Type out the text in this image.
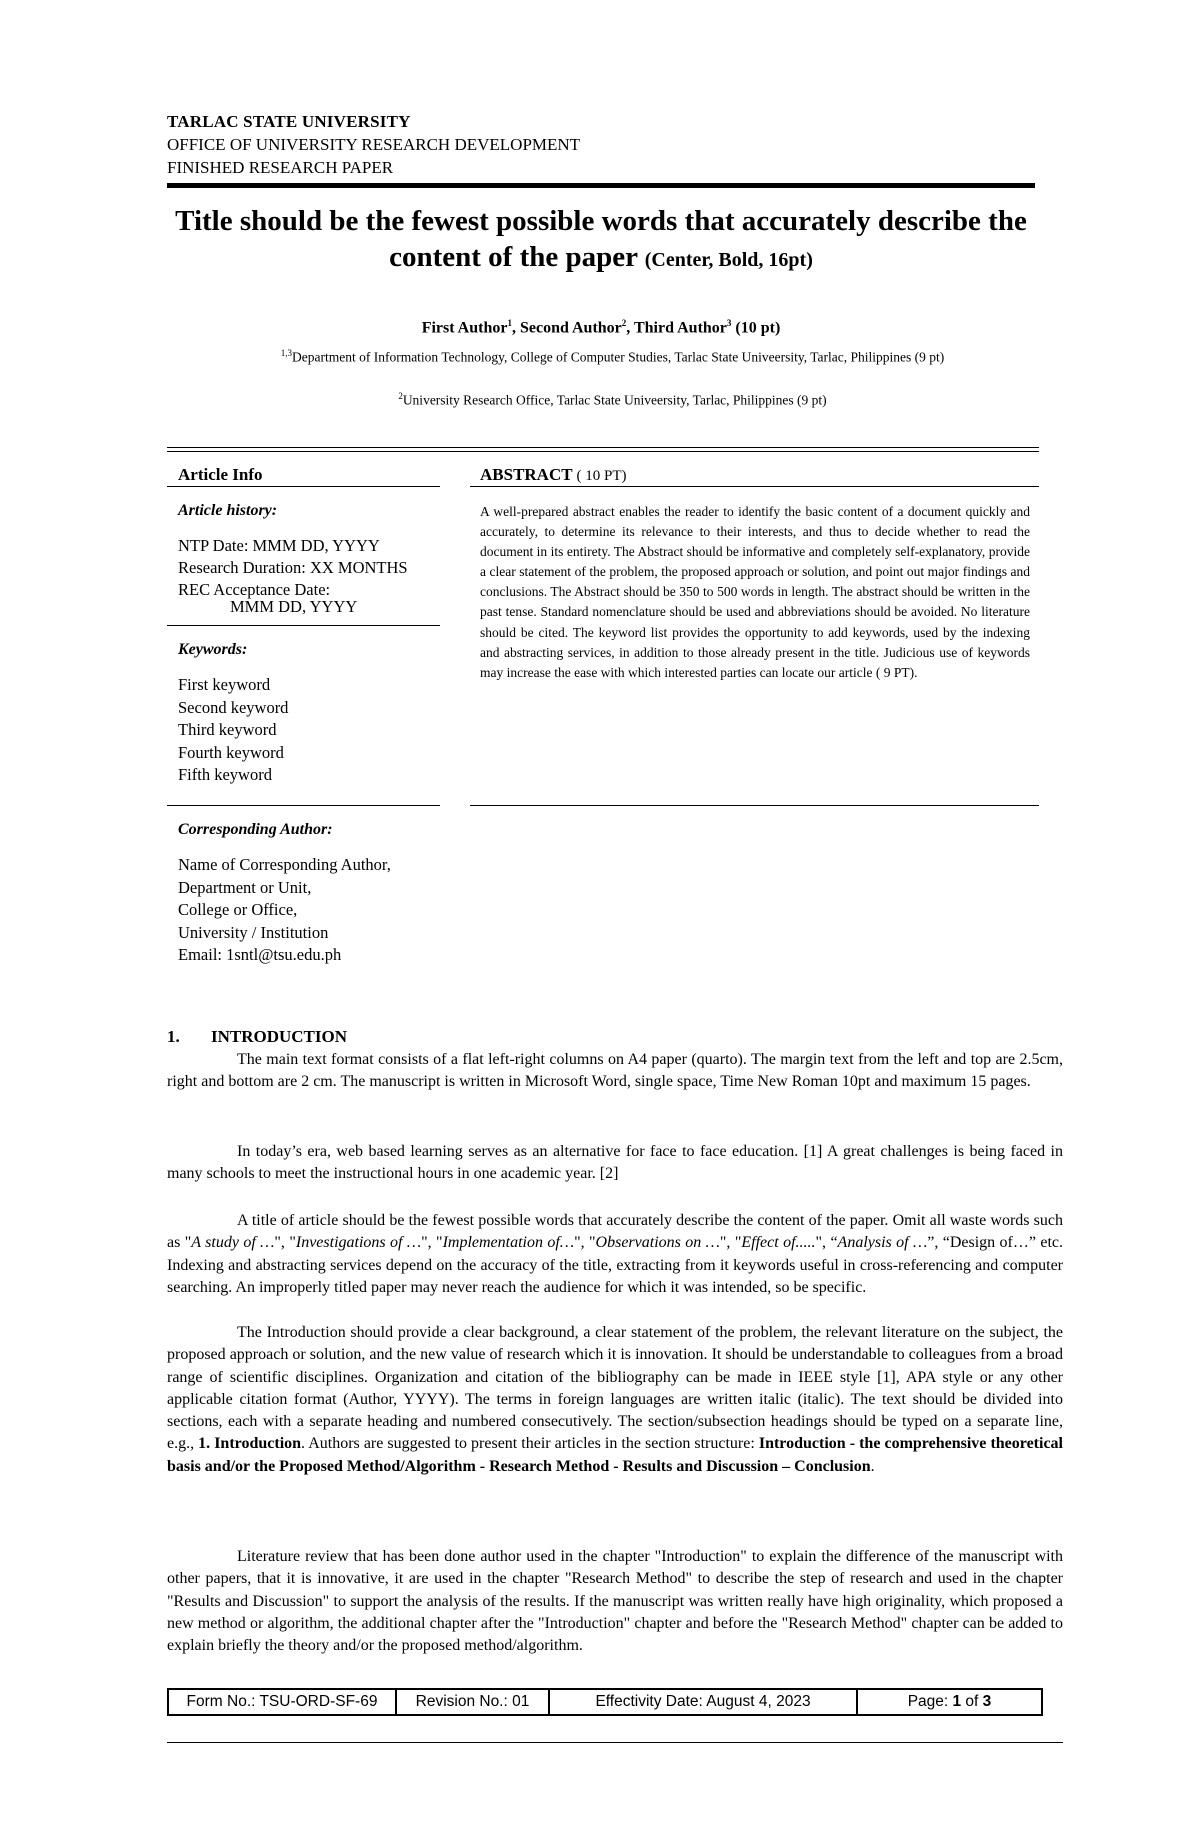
TARLAC STATE UNIVERSITY
OFFICE OF UNIVERSITY RESEARCH DEVELOPMENT
FINISHED RESEARCH PAPER
Title should be the fewest possible words that accurately describe the content of the paper (Center, Bold, 16pt)
First Author$^1$, Second Author$^2$, Third Author$^3$ (10 pt)
$^{1,3}$Department of Information Technology, College of Computer Studies, Tarlac State Univeersity, Tarlac, Philippines (9 pt)
$^2$University Research Office, Tarlac State Univeersity, Tarlac, Philippines (9 pt)
Article Info
Article history:
NTP Date: MMM DD, YYYY
Research Duration: XX MONTHS
REC Acceptance Date:
MMM DD, YYYY
Keywords:
First keyword
Second keyword
Third keyword
Fourth keyword
Fifth keyword
Corresponding Author:
Name of Corresponding Author,
Department or Unit,
College or Office,
University / Institution
Email: 1sntl@tsu.edu.ph
ABSTRACT ( 10 PT)
A well-prepared abstract enables the reader to identify the basic content of a document quickly and accurately, to determine its relevance to their interests, and thus to decide whether to read the document in its entirety. The Abstract should be informative and completely self-explanatory, provide a clear statement of the problem, the proposed approach or solution, and point out major findings and conclusions. The Abstract should be 350 to 500 words in length. The abstract should be written in the past tense. Standard nomenclature should be used and abbreviations should be avoided. No literature should be cited. The keyword list provides the opportunity to add keywords, used by the indexing and abstracting services, in addition to those already present in the title. Judicious use of keywords may increase the ease with which interested parties can locate our article ( 9 PT).
1. INTRODUCTION
The main text format consists of a flat left-right columns on A4 paper (quarto). The margin text from the left and top are 2.5cm, right and bottom are 2 cm. The manuscript is written in Microsoft Word, single space, Time New Roman 10pt and maximum 15 pages.
In today’s era, web based learning serves as an alternative for face to face education. [1] A great challenges is being faced in many schools to meet the instructional hours in one academic year. [2]
A title of article should be the fewest possible words that accurately describe the content of the paper. Omit all waste words such as "A study of …", "Investigations of …", "Implementation of…", "Observations on …", "Effect of.....", “Analysis of …”, “Design of…” etc. Indexing and abstracting services depend on the accuracy of the title, extracting from it keywords useful in cross-referencing and computer searching. An improperly titled paper may never reach the audience for which it was intended, so be specific.
The Introduction should provide a clear background, a clear statement of the problem, the relevant literature on the subject, the proposed approach or solution, and the new value of research which it is innovation. It should be understandable to colleagues from a broad range of scientific disciplines. Organization and citation of the bibliography can be made in IEEE style [1], APA style or any other applicable citation format (Author, YYYY). The terms in foreign languages are written italic (italic). The text should be divided into sections, each with a separate heading and numbered consecutively. The section/subsection headings should be typed on a separate line, e.g., 1. Introduction. Authors are suggested to present their articles in the section structure: Introduction - the comprehensive theoretical basis and/or the Proposed Method/Algorithm - Research Method - Results and Discussion – Conclusion.
Literature review that has been done author used in the chapter "Introduction" to explain the difference of the manuscript with other papers, that it is innovative, it are used in the chapter "Research Method" to describe the step of research and used in the chapter "Results and Discussion" to support the analysis of the results. If the manuscript was written really have high originality, which proposed a new method or algorithm, the additional chapter after the "Introduction" chapter and before the "Research Method" chapter can be added to explain briefly the theory and/or the proposed method/algorithm.
Form No.: TSU-ORD-SF-69	Revision No.: 01	Effectivity Date: August 4, 2023	Page: 1 of 3
